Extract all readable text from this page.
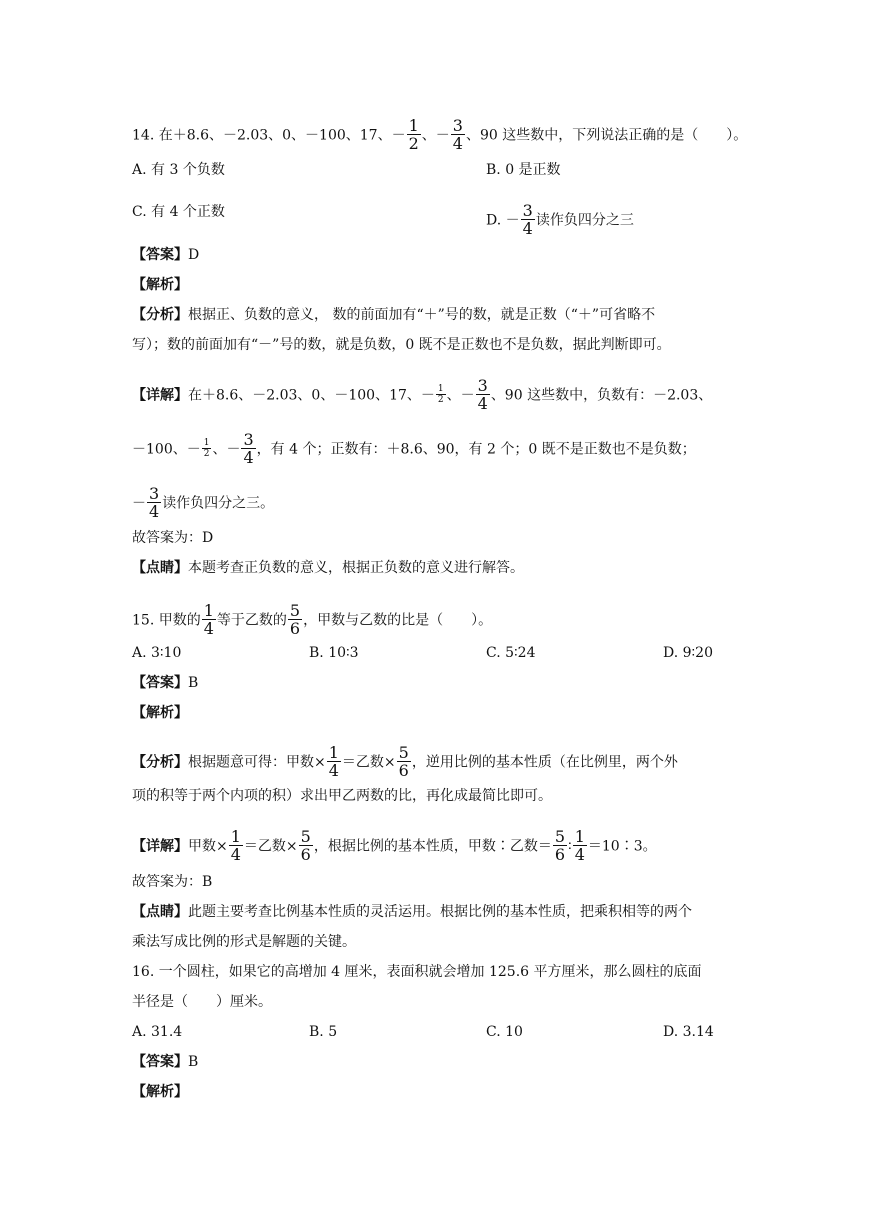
14. 在＋8.6、－2.03、0、－100、17、－ $\frac{1}{2}$ 、－ $\frac{3}{4}$ 、90 这些数中，下列说法正确的是（　　）。
A. 有 3 个负数	B. 0 是正数
C. 有 4 个正数
D. － $\frac{3}{4}$ 读作负四分之三
【答案】D
【解析】
【分析】根据正、负数的意义， 数的前面加有“＋”号的数，就是正数（“＋”可省略不
写）；数的前面加有“－”号的数，就是负数，0 既不是正数也不是负数，据此判断即可。
【详解】在＋8.6、－2.03、0、－100、17、－ $\frac{1}{2}$ 、－ $\frac{3}{4}$ 、90 这些数中，负数有：－2.03、
－100、－ $\frac{1}{2}$ 、－ $\frac{3}{4}$ ，有 4 个；正数有：＋8.6、90，有 2 个；0 既不是正数也不是负数；
－ $\frac{3}{4}$ 读作负四分之三。
故答案为：D
【点睛】本题考查正负数的意义，根据正负数的意义进行解答。
15. 甲数的 $\frac{1}{4}$ 等于乙数的 $\frac{5}{6}$ ，甲数与乙数的比是（　　）。
A. 3∶10	B. 10∶3	C. 5∶24	D. 9∶20
【答案】B
【解析】
【分析】根据题意可得：甲数× $\frac{1}{4}$ ＝乙数× $\frac{5}{6}$ ，逆用比例的基本性质（在比例里，两个外
项的积等于两个内项的积）求出甲乙两数的比，再化成最简比即可。
【详解】甲数× $\frac{1}{4}$ ＝乙数× $\frac{5}{6}$ ，根据比例的基本性质，甲数∶乙数＝ $\frac{5}{6}$ ∶ $\frac{1}{4}$ ＝10∶3。
故答案为：B
【点睛】此题主要考查比例基本性质的灵活运用。根据比例的基本性质，把乘积相等的两个
乘法写成比例的形式是解题的关键。
16. 一个圆柱，如果它的高增加 4 厘米，表面积就会增加 125.6 平方厘米，那么圆柱的底面
半径是（　　）厘米。
A. 31.4	B. 5	C. 10	D. 3.14
【答案】B
【解析】
